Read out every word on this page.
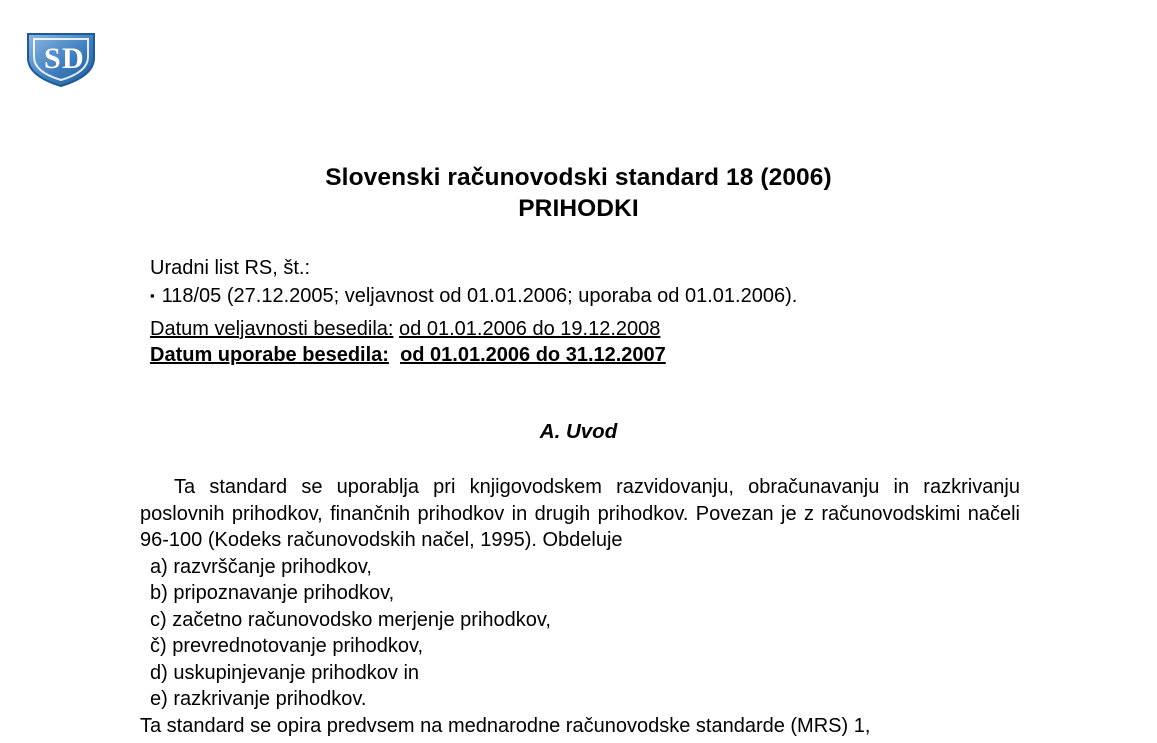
S D
Slovenski računovodski standard 18 (2006)
PRIHODKI
Uradni list RS, št.:
▪ 118/05 (27.12.2005; veljavnost od 01.01.2006; uporaba od 01.01.2006).
Datum veljavnosti besedila: od 01.01.2006 do 19.12.2008
Datum uporabe besedila: od 01.01.2006 do 31.12.2007
A. Uvod
Ta standard se uporablja pri knjigovodskem razvidovanju, obračunavanju in razkrivanju poslovnih prihodkov, finančnih prihodkov in drugih prihodkov. Povezan je z računovodskimi načeli 96-100 (Kodeks računovodskih načel, 1995). Obdeluje
a) razvrščanje prihodkov,
b) pripoznavanje prihodkov,
c) začetno računovodsko merjenje prihodkov,
č) prevrednotovanje prihodkov,
d) uskupinjevanje prihodkov in
e) razkrivanje prihodkov.
Ta standard se opira predvsem na mednarodne računovodske standarde (MRS) 1,
